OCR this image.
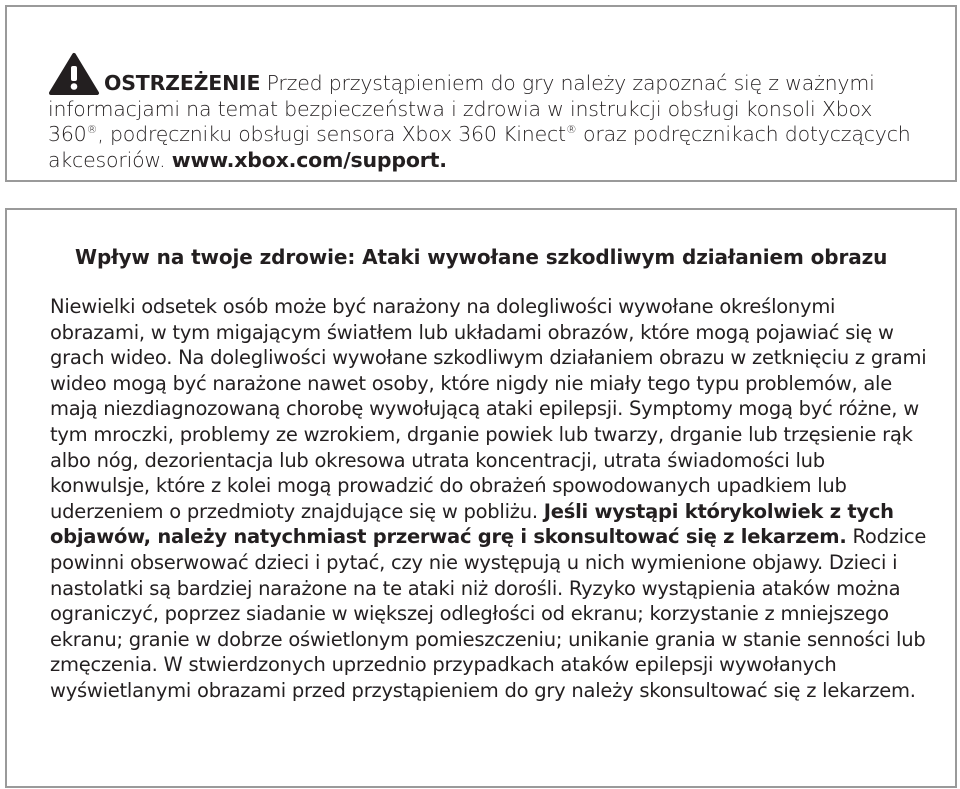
OSTRZEŻENIE Przed przystąpieniem do gry należy zapoznać się z ważnymi informacjami na temat bezpieczeństwa i zdrowia w instrukcji obsługi konsoli Xbox 360®, podręczniku obsługi sensora Xbox 360 Kinect® oraz podręcznikach dotyczących akcesoriów. www.xbox.com/support.
Wpływ na twoje zdrowie: Ataki wywołane szkodliwym działaniem obrazu

Niewielki odsetek osób może być narażony na dolegliwości wywołane określonymi obrazami, w tym migającym światłem lub układami obrazów, które mogą pojawiać się w grach wideo. Na dolegliwości wywołane szkodliwym działaniem obrazu w zetknięciu z grami wideo mogą być narażone nawet osoby, które nigdy nie miały tego typu problemów, ale mają niezdiagnozowaną chorobę wywołującą ataki epilepsji. Symptomy mogą być różne, w tym mroczki, problemy ze wzrokiem, drganie powiek lub twarzy, drganie lub trzęsienie rąk albo nóg, dezorientacja lub okresowa utrata koncentracji, utrata świadomości lub konwulsje, które z kolei mogą prowadzić do obrażeń spowodowanych upadkiem lub uderzeniem o przedmioty znajdujące się w pobliżu. Jeśli wystąpi którykolwiek z tych objawów, należy natychmiast przerwać grę i skonsultować się z lekarzem. Rodzice powinni obserwować dzieci i pytać, czy nie występują u nich wymienione objawy. Dzieci i nastolatki są bardziej narażone na te ataki niż dorośli. Ryzyko wystąpienia ataków można ograniczyć, poprzez siadanie w większej odległości od ekranu; korzystanie z mniejszego ekranu; granie w dobrze oświetlonym pomieszczeniu; unikanie grania w stanie senności lub zmęczenia. W stwierdzonych uprzednio przypadkach ataków epilepsji wywołanych wyświetlanymi obrazami przed przystąpieniem do gry należy skonsultować się z lekarzem.
